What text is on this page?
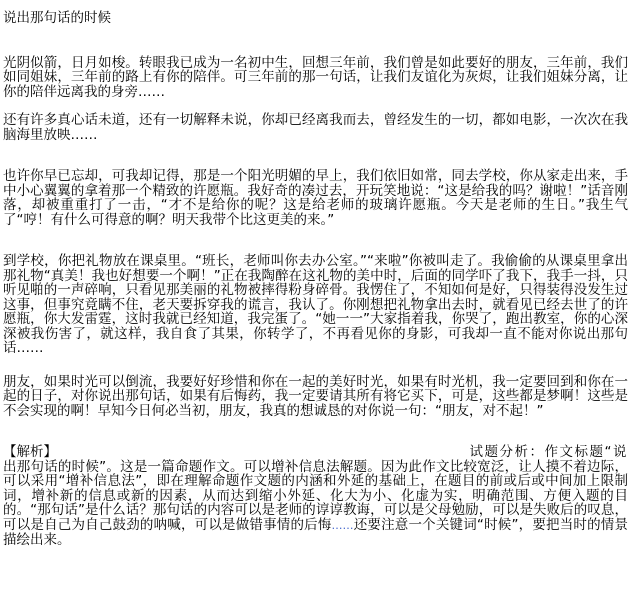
说出那句话的时候

光阴似箭，日月如梭。转眼我已成为一名初中生，回想三年前，我们曾是如此要好的朋友，三年前，我们如同姐妹，三年前的路上有你的陪伴。可三年前的那一句话，让我们友谊化为灰烬，让我们姐妹分离，让你的陪伴远离我的身旁……

还有许多真心话未道，还有一切解释未说，你却已经离我而去，曾经发生的一切，都如电影，一次次在我脑海里放映……

也许你早已忘却，可我却记得，那是一个阳光明媚的早上，我们依旧如常，同去学校，你从家走出来，手中小心翼翼的拿着那一个精致的许愿瓶。我好奇的凑过去，开玩笑地说：“这是给我的吗？谢啦！”话音刚落，却被重重打了一击，“才不是给你的呢？这是给老师的玻璃许愿瓶。今天是老师的生日。”我生气了“哼！有什么可得意的啊？明天我带个比这更美的来。”

到学校，你把礼物放在课桌里。“班长，老师叫你去办公室。”“来啦”你被叫走了。我偷偷的从课桌里拿出那礼物“真美！我也好想要一个啊！”正在我陶醉在这礼物的美中时，后面的同学吓了我下，我手一抖，只听见啪的一声碎响，只看见那美丽的礼物被摔得粉身碎骨。我愣住了，不知如何是好，只得装得没发生过这事，但事究竟瞒不住，老天要拆穿我的谎言，我认了。你刚想把礼物拿出去时，就看见已经去世了的许愿瓶，你大发雷霆，这时我就已经知道，我完蛋了。“她一一”大家指着我，你哭了，跑出教室，你的心深深被我伤害了，就这样，我自食了其果，你转学了，不再看见你的身影，可我却一直不能对你说出那句话……

朋友，如果时光可以倒流，我要好好珍惜和你在一起的美好时光，如果有时光机，我一定要回到和你在一起的日子，对你说出那句话，如果有后悔药，我一定要请其所有将它买下，可是，这些都是梦啊！这些是不会实现的啊！早知今日何必当初，朋友，我真的想诚恳的对你说一句：“朋友，对不起！”

【解析】	试题分析：作文标题“说

出那句话的时候”。这是一篇命题作文。可以增补信息法解题。因为此作文比较宽泛，让人摸不着边际，可以采用“增补信息法”，即在理解命题作文题的内涵和外延的基础上，在题目的前或后或中间加上限制词，增补新的信息或新的因素，从而达到缩小外延、化大为小、化虚为实，明确范围、方便入题的目的。“那句话”是什么话？那句话的内容可以是老师的谆谆教诲，可以是父母勉励，可以是失败后的叹息，可以是自己为自己鼓劲的呐喊，可以是做错事情的后悔……还要注意一个关键词“时候”，要把当时的情景描绘出来。
